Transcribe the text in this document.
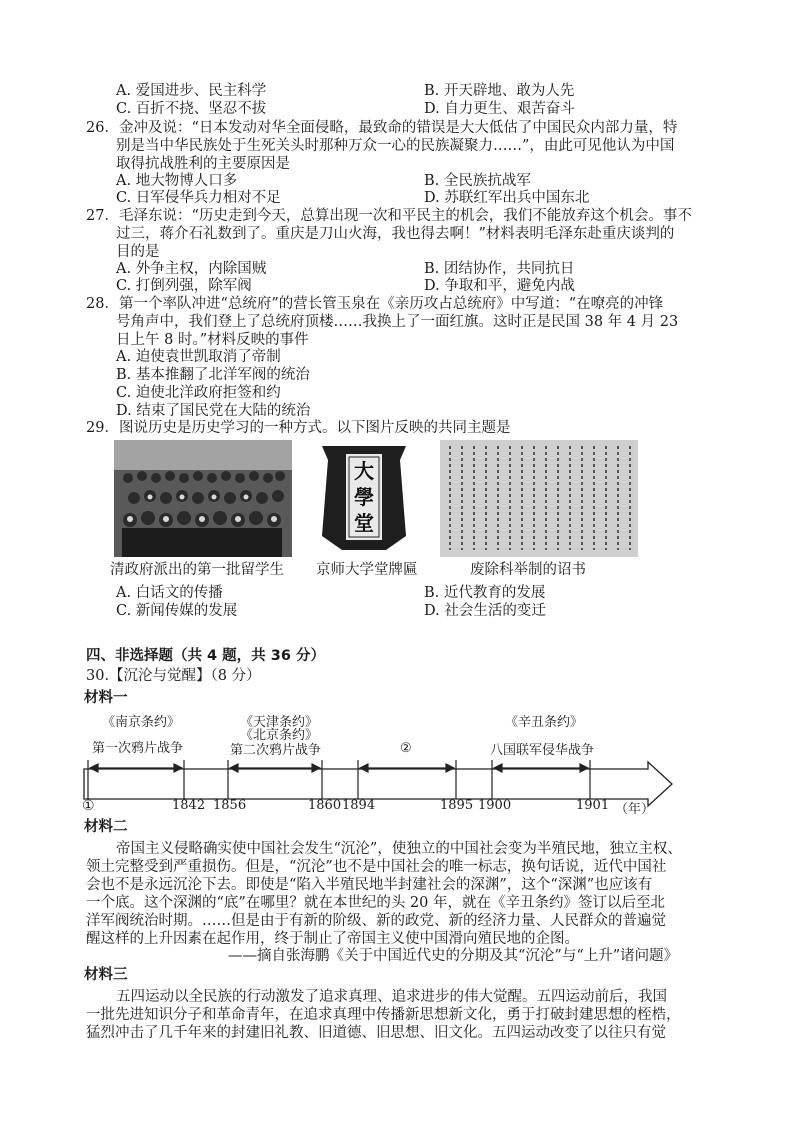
A. 爱国进步、民主科学	B. 开天辟地、敢为人先
C. 百折不挠、坚忍不拔	D. 自力更生、艰苦奋斗
26．金冲及说：“日本发动对华全面侵略，最致命的错误是大大低估了中国民众内部力量，特
别是当中华民族处于生死关头时那种万众一心的民族凝聚力……”，由此可见他认为中国
取得抗战胜利的主要原因是
A. 地大物博人口多	B. 全民族抗战军
C. 日军侵华兵力相对不足	D. 苏联红军出兵中国东北
27．毛泽东说：“历史走到今天，总算出现一次和平民主的机会，我们不能放弃这个机会。事不
过三，蒋介石礼数到了。重庆是刀山火海，我也得去啊！”材料表明毛泽东赴重庆谈判的
目的是
A. 外争主权，内除国贼	B. 团结协作，共同抗日
C. 打倒列强，除军阀	D. 争取和平，避免内战
28．第一个率队冲进“总统府”的营长管玉泉在《亲历攻占总统府》中写道：“在嘹亮的冲锋
号角声中，我们登上了总统府顶楼……我换上了一面红旗。这时正是民国 38 年 4 月 23
日上午 8 时。”材料反映的事件
A. 迫使袁世凯取消了帝制
B. 基本推翻了北洋军阀的统治
C. 迫使北洋政府拒签和约
D. 结束了国民党在大陆的统治
29．图说历史是历史学习的一种方式。以下图片反映的共同主题是
大
學
堂
清政府派出的第一批留学生 京师大学堂牌匾	废除科举制的诏书
A. 白话文的传播	B. 近代教育的发展
C. 新闻传媒的发展	D. 社会生活的变迁
四、非选择题（共 4 题，共 36 分）
30.【沉沦与觉醒】（8 分）
材料一
《南京条约》
第一次鸦片战争
《天津条约》
《北京条约》
第二次鸦片战争	②
《辛丑条约》
八国联军侵华战争
①	1842 1856	1860 1894	1895 1900	1901 （年）
材料二
帝国主义侵略确实使中国社会发生“沉沦”，使独立的中国社会变为半殖民地，独立主权、
领土完整受到严重损伤。但是，“沉沦”也不是中国社会的唯一标志，换句话说，近代中国社
会也不是永远沉沦下去。即使是“陷入半殖民地半封建社会的深渊”，这个“深渊”也应该有
一个底。这个深渊的“底”在哪里？就在本世纪的头 20 年，就在《辛丑条约》签订以后至北
洋军阀统治时期。……但是由于有新的阶级、新的政党、新的经济力量、人民群众的普遍觉
醒这样的上升因素在起作用，终于制止了帝国主义使中国滑向殖民地的企图。
——摘自张海鹏《关于中国近代史的分期及其“沉沦”与“上升”诸问题》
材料三
五四运动以全民族的行动激发了追求真理、追求进步的伟大觉醒。五四运动前后，我国
一批先进知识分子和革命青年，在追求真理中传播新思想新文化，勇于打破封建思想的桎梏，
猛烈冲击了几千年来的封建旧礼教、旧道德、旧思想、旧文化。五四运动改变了以往只有觉
